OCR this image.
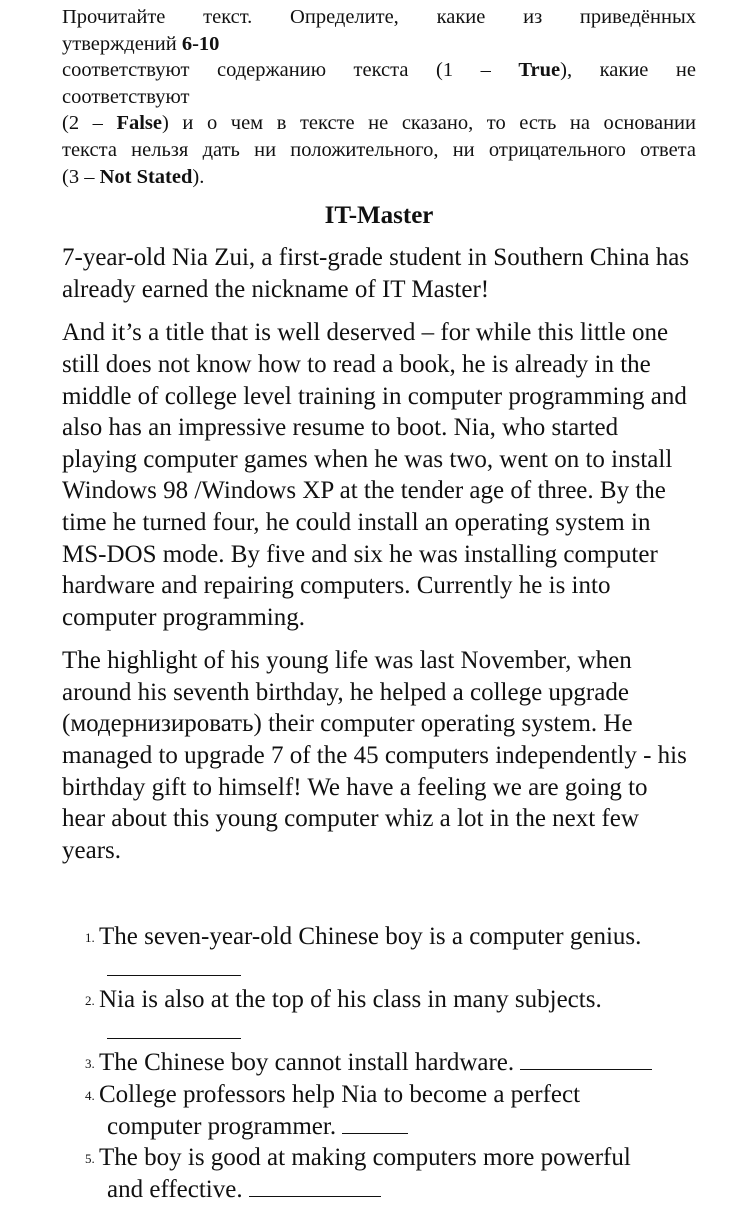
Прочитайте текст. Определите, какие из приведённых
утверждений 6-10
соответствуют содержанию текста (1 – True), какие не
соответствуют
(2 – False) и о чем в тексте не сказано, то есть на основании
текста нельзя дать ни положительного, ни отрицательного ответа
(3 – Not Stated).
IT-Master

7-year-old Nia Zui, a first-grade student in Southern China has already earned the nickname of IT Master!

And it’s a title that is well deserved – for while this little one still does not know how to read a book, he is already in the middle of college level training in computer programming and also has an impressive resume to boot. Nia, who started playing computer games when he was two, went on to install Windows 98 /Windows XP at the tender age of three. By the time he turned four, he could install an operating system in MS-DOS mode. By five and six he was installing computer hardware and repairing computers. Currently he is into computer programming.

The highlight of his young life was last November, when around his seventh birthday, he helped a college upgrade (модернизировать) their computer operating system. He managed to upgrade 7 of the 45 computers independently - his birthday gift to himself! We have a feeling we are going to hear about this young computer whiz a lot in the next few years.

1. The seven-year-old Chinese boy is a computer genius.

2. Nia is also at the top of his class in many subjects.

3. The Chinese boy cannot install hardware.
4. College professors help Nia to become a perfect

computer programmer.
5. The boy is good at making computers more powerful

and effective.
